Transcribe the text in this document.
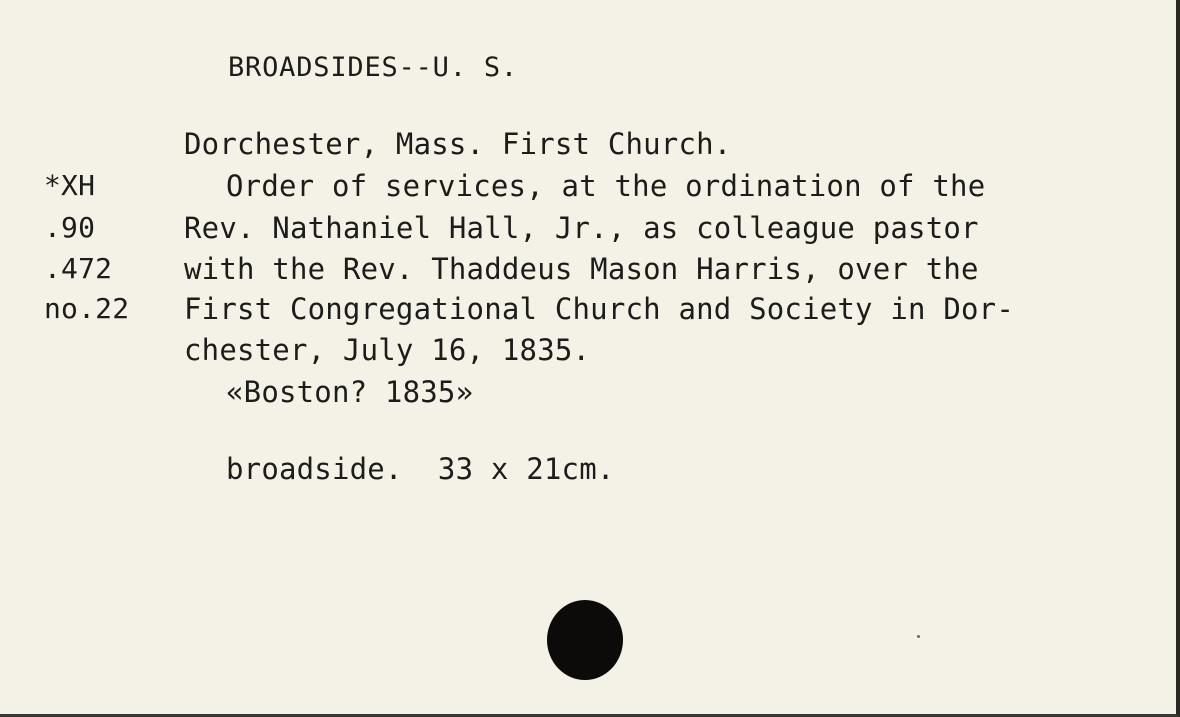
BROADSIDES--U. S.

*XH

.90

.472

no.22

Dorchester, Mass. First Church.

Order of services, at the ordination of the

Rev. Nathaniel Hall, Jr., as colleague pastor

with the Rev. Thaddeus Mason Harris, over the

First Congregational Church and Society in Dor-

chester, July 16, 1835.

«Boston? 1835»

broadside.  33 x 21cm.
